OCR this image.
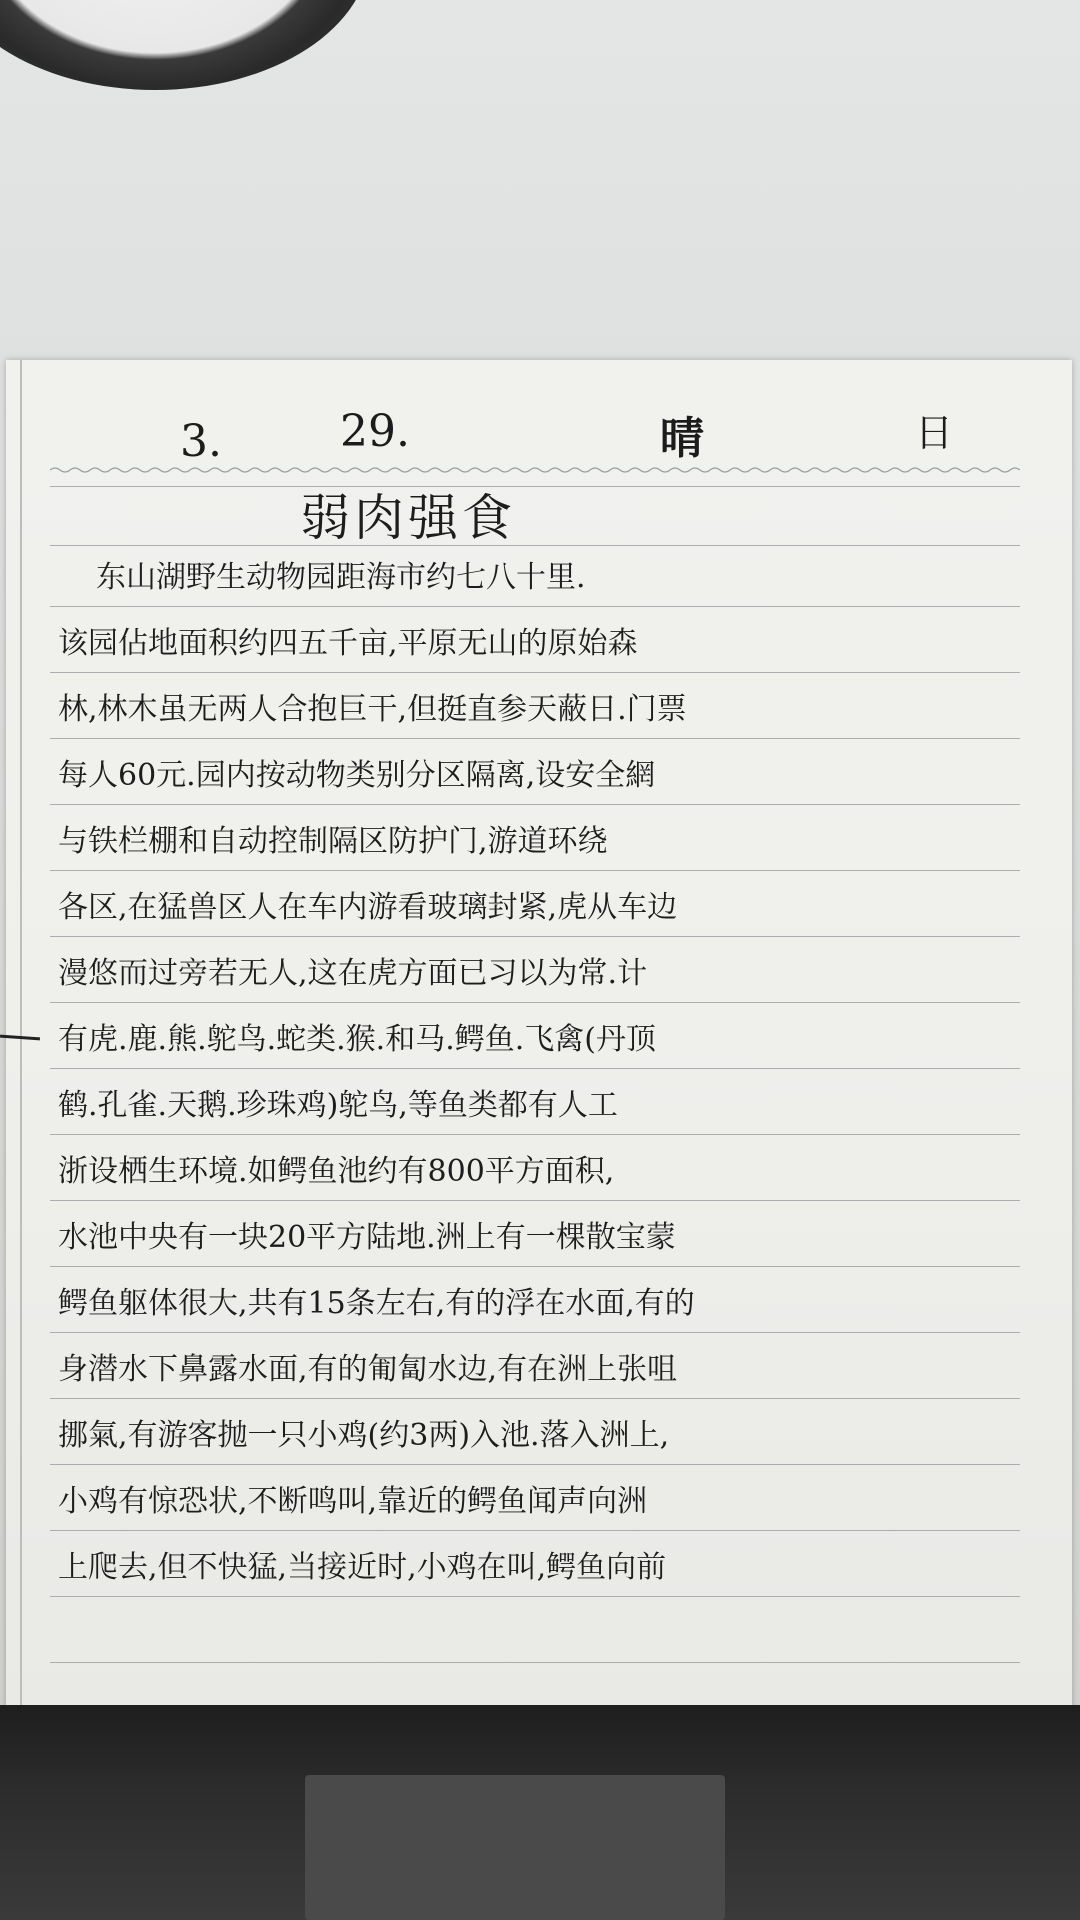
3.	29.	晴	日
弱肉强食
东山湖野生动物园距海市约七八十里.
该园佔地面积约四五千亩,平原无山的原始森
林,林木虽无两人合抱巨干,但挺直参天蔽日.门票
每人60元.园内按动物类别分区隔离,设安全網
与铁栏棚和自动控制隔区防护门,游道环绕
各区,在猛兽区人在车内游看玻璃封紧,虎从车边
漫悠而过旁若无人,这在虎方面已习以为常.计
有虎.鹿.熊.鸵鸟.蛇类.猴.和马.鳄鱼.飞禽(丹顶
鹤.孔雀.天鹅.珍珠鸡)鸵鸟,等鱼类都有人工
浙设栖生环境.如鳄鱼池约有800平方面积,
水池中央有一块20平方陆地.洲上有一棵散宝蒙
鳄鱼躯体很大,共有15条左右,有的浮在水面,有的
身潜水下鼻露水面,有的匍匐水边,有在洲上张咀
挪氣,有游客抛一只小鸡(约3两)入池.落入洲上,
小鸡有惊恐状,不断鸣叫,靠近的鳄鱼闻声向洲
上爬去,但不快猛,当接近时,小鸡在叫,鳄鱼向前
